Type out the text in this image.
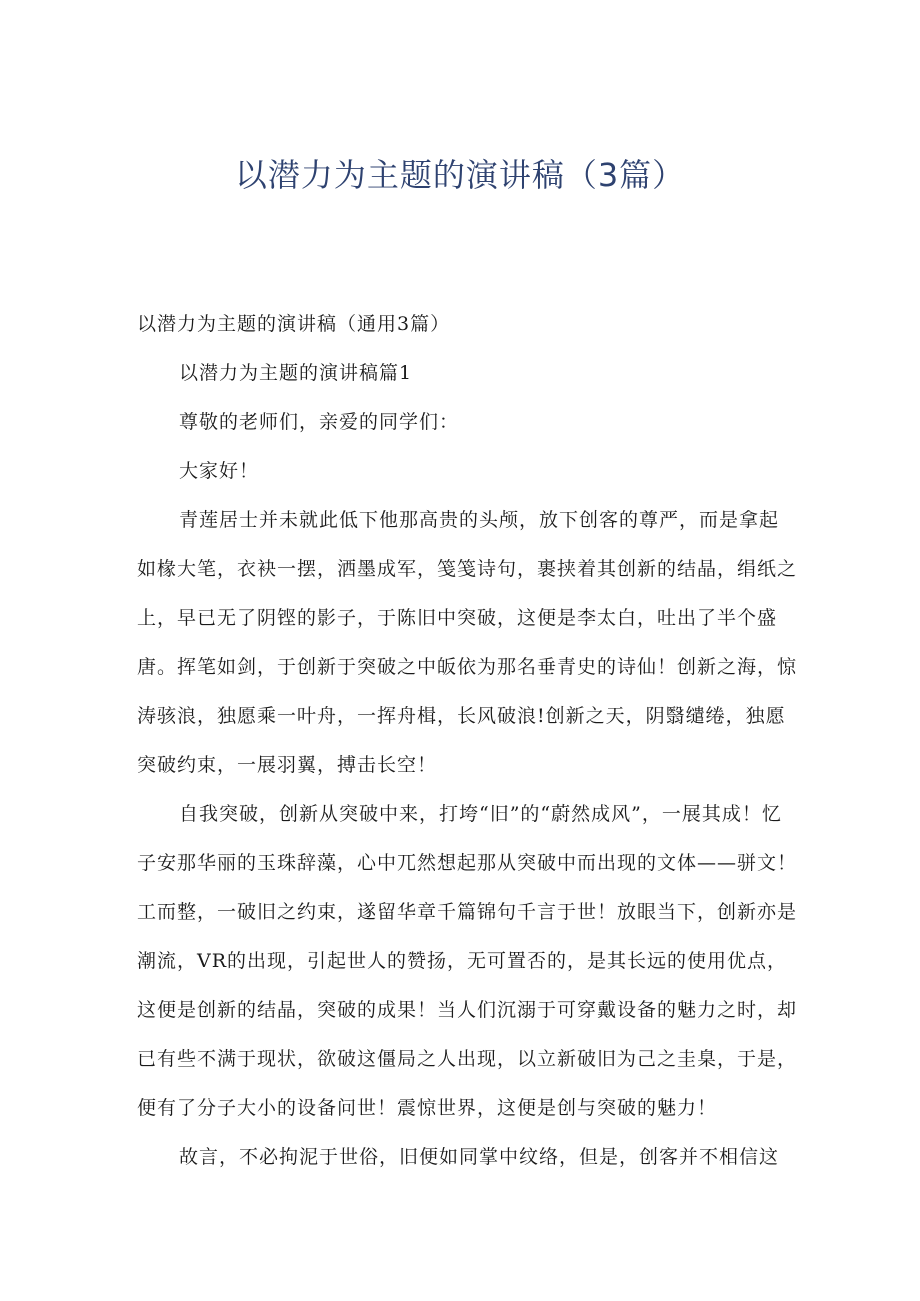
以潜力为主题的演讲稿（3篇）

以潜力为主题的演讲稿（通用3篇）

以潜力为主题的演讲稿篇1

尊敬的老师们，亲爱的同学们：

大家好！

青莲居士并未就此低下他那高贵的头颅，放下创客的尊严，而是拿起如椽大笔，衣袂一摆，洒墨成军，笺笺诗句，裹挟着其创新的结晶，绢纸之上，早已无了阴铿的影子，于陈旧中突破，这便是李太白，吐出了半个盛唐。挥笔如剑，于创新于突破之中皈依为那名垂青史的诗仙！创新之海，惊涛骇浪，独愿乘一叶舟，一挥舟楫，长风破浪!创新之天，阴翳缱绻，独愿突破约束，一展羽翼，搏击长空！

自我突破，创新从突破中来，打垮“旧”的“蔚然成风”，一展其成！忆子安那华丽的玉珠辞藻，心中兀然想起那从突破中而出现的文体——骈文！工而整，一破旧之约束，遂留华章千篇锦句千言于世！放眼当下，创新亦是潮流，VR的出现，引起世人的赞扬，无可置否的，是其长远的使用优点，这便是创新的结晶，突破的成果！当人们沉溺于可穿戴设备的魅力之时，却已有些不满于现状，欲破这僵局之人出现，以立新破旧为己之圭臬，于是，便有了分子大小的设备问世！震惊世界，这便是创与突破的魅力！

故言，不必拘泥于世俗，旧便如同掌中纹络，但是，创客并不相信这
